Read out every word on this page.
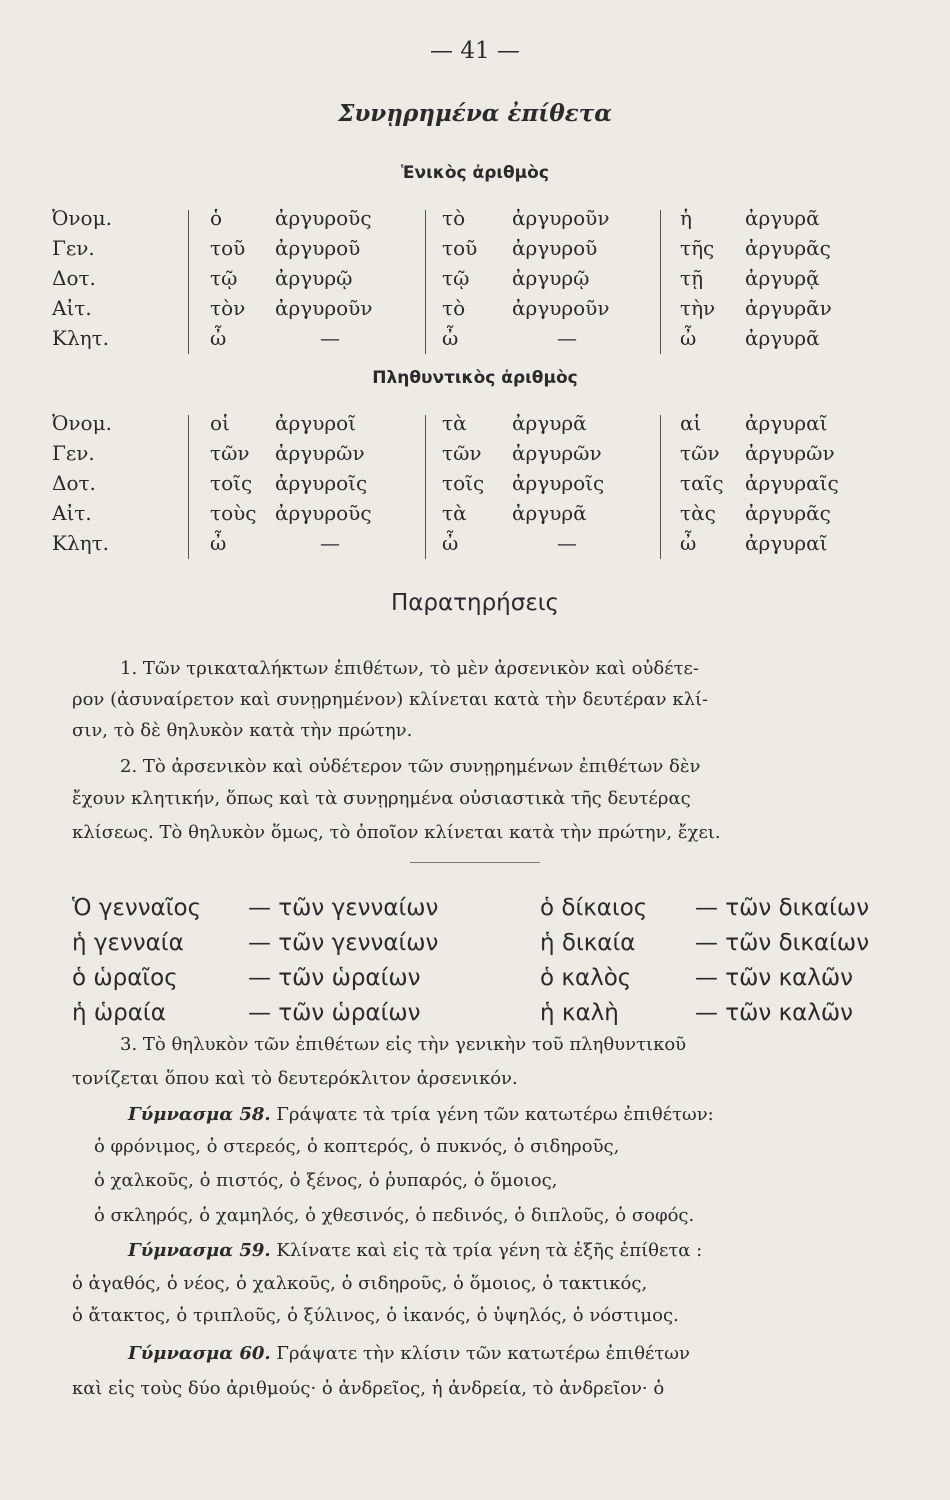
— 41 —
Συνῃρημένα ἐπίθετα
Ἑνικὸς ἀριθμὸς
Ὀνομ.	ὁ	ἀργυροῦς	τὸ ἀργυροῦν	ἡ	ἀργυρᾶ
Γεν.	τοῦ ἀργυροῦ	τοῦ ἀργυροῦ	τῆς ἀργυρᾶς
Δοτ.	τῷ ἀργυρῷ	τῷ ἀργυρῷ	τῇ ἀργυρᾷ
Αἰτ.	τὸν ἀργυροῦν	τὸ ἀργυροῦν	τὴν ἀργυρᾶν
Κλητ.	ὦ	—	ὦ	—	ὦ ἀργυρᾶ
Πληθυντικὸς ἀριθμὸς
Ὀνομ.	οἱ ἀργυροῖ	τὰ ἀργυρᾶ	αἱ ἀργυραῖ
Γεν.	τῶν ἀργυρῶν	τῶν ἀργυρῶν	τῶν ἀργυρῶν
Δοτ.	τοῖς ἀργυροῖς	τοῖς ἀργυροῖς	ταῖς ἀργυραῖς
Αἰτ.	τοὺς ἀργυροῦς	τὰ ἀργυρᾶ	τὰς ἀργυρᾶς
Κλητ.	ὦ	—	ὦ	—	ὦ ἀργυραῖ
Παρατηρήσεις
1. Τῶν τρικαταλήκτων ἐπιθέτων, τὸ μὲν ἀρσενικὸν καὶ οὐδέτε-
ρον (ἀσυναίρετον καὶ συνῃρημένον) κλίνεται κατὰ τὴν δευτέραν κλί-
σιν, τὸ δὲ θηλυκὸν κατὰ τὴν πρώτην.
2. Τὸ ἀρσενικὸν καὶ οὐδέτερον τῶν συνῃρημένων ἐπιθέτων δὲν
ἔχουν κλητικήν, ὅπως καὶ τὰ συνῃρημένα οὐσιαστικὰ τῆς δευτέρας
κλίσεως. Τὸ θηλυκὸν ὅμως, τὸ ὁποῖον κλίνεται κατὰ τὴν πρώτην, ἔχει.
Ὁ γενναῖος — τῶν γενναίων	ὁ δίκαιος — τῶν δικαίων
ἡ γενναία	— τῶν γενναίων	ἡ δικαία	— τῶν δικαίων
ὁ ὡραῖος	— τῶν ὡραίων	ὁ καλὸς	— τῶν καλῶν
ἡ ὡραία	— τῶν ὡραίων	ἡ καλὴ	— τῶν καλῶν
3. Τὸ θηλυκὸν τῶν ἐπιθέτων εἰς τὴν γενικὴν τοῦ πληθυντικοῦ
τονίζεται ὅπου καὶ τὸ δευτερόκλιτον ἀρσενικόν.
Γύμνασμα 58. Γράψατε τὰ τρία γένη τῶν κατωτέρω ἐπιθέτων:
ὁ φρόνιμος, ὁ στερεός, ὁ κοπτερός, ὁ πυκνός, ὁ σιδηροῦς,
ὁ χαλκοῦς, ὁ πιστός, ὁ ξένος, ὁ ῥυπαρός, ὁ ὅμοιος,
ὁ σκληρός, ὁ χαμηλός, ὁ χθεσινός, ὁ πεδινός, ὁ διπλοῦς, ὁ σοφός.
Γύμνασμα 59. Κλίνατε καὶ εἰς τὰ τρία γένη τὰ ἑξῆς ἐπίθετα :
ὁ ἀγαθός, ὁ νέος, ὁ χαλκοῦς, ὁ σιδηροῦς, ὁ ὅμοιος, ὁ τακτικός,
ὁ ἄτακτος, ὁ τριπλοῦς, ὁ ξύλινος, ὁ ἱκανός, ὁ ὑψηλός, ὁ νόστιμος.
Γύμνασμα 60. Γράψατε τὴν κλίσιν τῶν κατωτέρω ἐπιθέτων
καὶ εἰς τοὺς δύο ἀριθμούς· ὁ ἀνδρεῖος, ἡ ἀνδρεία, τὸ ἀνδρεῖον· ὁ
